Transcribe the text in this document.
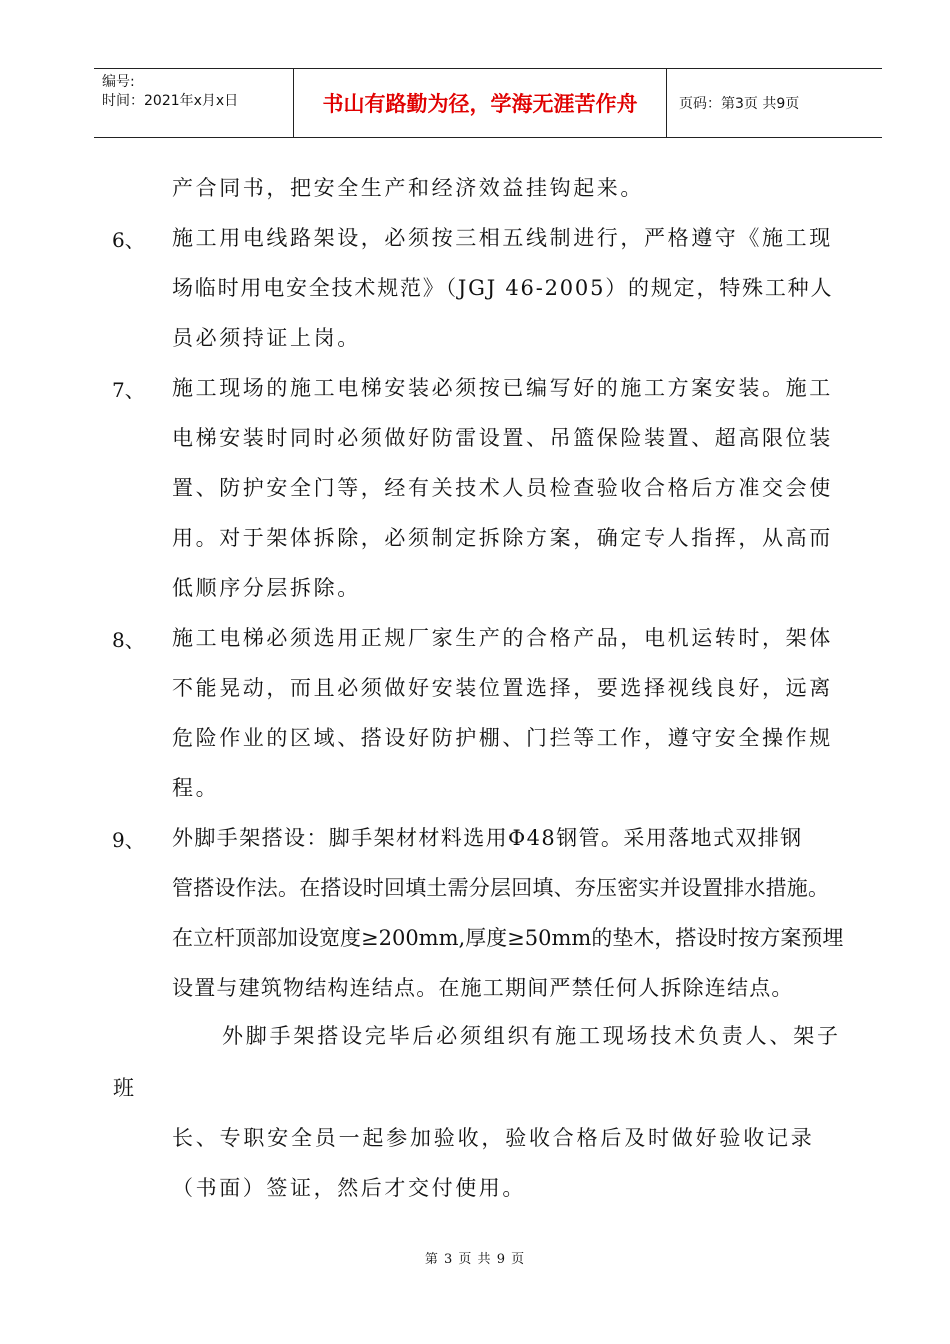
编号:
时间：2021年x月x日	书山有路勤为径，学海无涯苦作舟	页码：第3页 共9页
产合同书，把安全生产和经济效益挂钩起来。
6、 施工用电线路架设，必须按三相五线制进行，严格遵守《施工现
场临时用电安全技术规范》（JGJ 46-2005）的规定，特殊工种人
员必须持证上岗。
7、 施工现场的施工电梯安装必须按已编写好的施工方案安装。施工
电梯安装时同时必须做好防雷设置、吊篮保险装置、超高限位装
置、防护安全门等，经有关技术人员检查验收合格后方准交会使
用。对于架体拆除，必须制定拆除方案，确定专人指挥，从高而
低顺序分层拆除。
8、 施工电梯必须选用正规厂家生产的合格产品，电机运转时，架体
不能晃动，而且必须做好安装位置选择，要选择视线良好，远离
危险作业的区域、搭设好防护棚、门拦等工作，遵守安全操作规
程。
9、 外脚手架搭设：脚手架材材料选用Φ48钢管。采用落地式双排钢
管搭设作法。在搭设时回填土需分层回填、夯压密实并设置排水措施。
在立杆顶部加设宽度≥200mm,厚度≥50mm的垫木，搭设时按方案预埋
设置与建筑物结构连结点。在施工期间严禁任何人拆除连结点。
外脚手架搭设完毕后必须组织有施工现场技术负责人、架子
班
长、专职安全员一起参加验收，验收合格后及时做好验收记录
（书面）签证，然后才交付使用。
第 3 页 共 9 页
